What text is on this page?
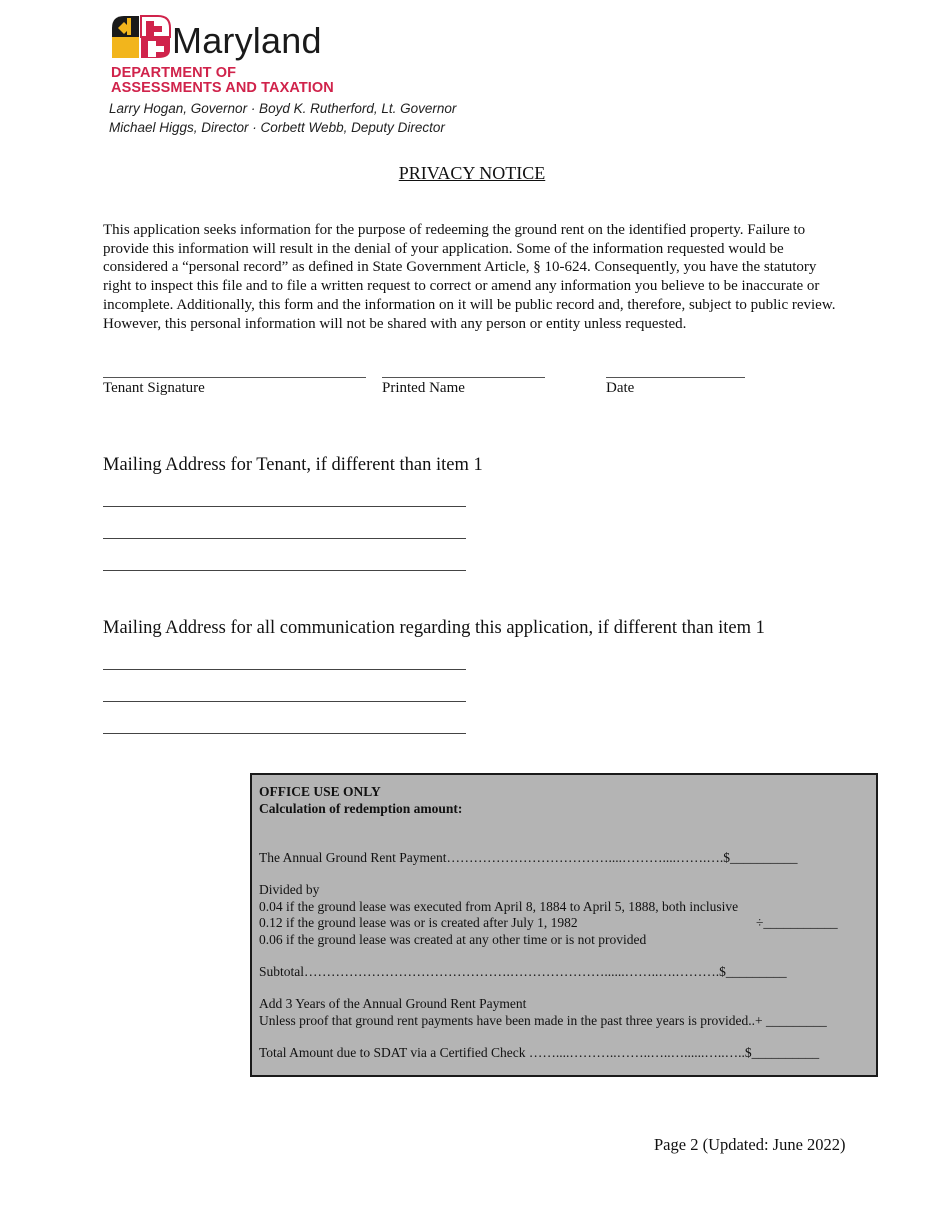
Maryland
DEPARTMENT OF
ASSESSMENTS AND TAXATION
Larry Hogan, Governor · Boyd K. Rutherford, Lt. Governor
Michael Higgs, Director · Corbett Webb, Deputy Director
PRIVACY NOTICE
This application seeks information for the purpose of redeeming the ground rent on the identified property. Failure to provide this information will result in the denial of your application. Some of the information requested would be considered a “personal record” as defined in State Government Article, § 10-624. Consequently, you have the statutory right to inspect this file and to file a written request to correct or amend any information you believe to be inaccurate or incomplete. Additionally, this form and the information on it will be public record and, therefore, subject to public review. However, this personal information will not be shared with any person or entity unless requested.
Tenant Signature	Printed Name	Date
Mailing Address for Tenant, if different than item 1
Mailing Address for all communication regarding this application, if different than item 1
OFFICE USE ONLY
Calculation of redemption amount:
The Annual Ground Rent Payment………………………………....………....…….….$__________
Divided by
0.04 if the ground lease was executed from April 8, 1884 to April 5, 1888, both inclusive
0.12 if the ground lease was or is created after July 1, 1982	÷___________
0.06 if the ground lease was created at any other time or is not provided
Subtotal……………………………………….…………………......……..….……….$_________
Add 3 Years of the Annual Ground Rent Payment
Unless proof that ground rent payments have been made in the past three years is provided..+ _________
Total Amount due to SDAT via a Certified Check ……....………..……..…..…......…..…..$__________
Page 2 (Updated: June 2022)
